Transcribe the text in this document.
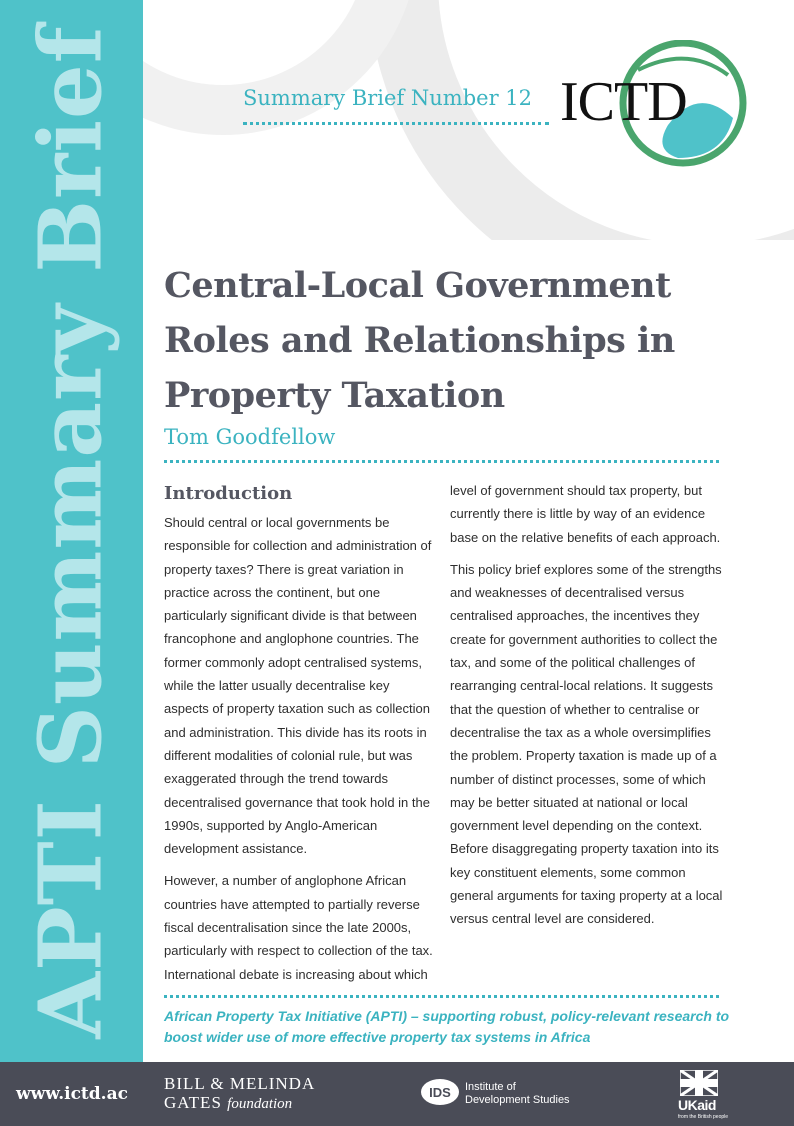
APTI Summary Brief	Summary Brief Number 12 ICTD
Central-Local Government
Roles and Relationships in
Property Taxation
Tom Goodfellow
Introduction

Should central or local governments be responsible for collection and administration of property taxes? There is great variation in practice across the continent, but one particularly significant divide is that between francophone and anglophone countries. The former commonly adopt centralised systems, while the latter usually decentralise key aspects of property taxation such as collection and administration. This divide has its roots in different modalities of colonial rule, but was exaggerated through the trend towards decentralised governance that took hold in the 1990s, supported by Anglo-American development assistance.

However, a number of anglophone African countries have attempted to partially reverse fiscal decentralisation since the late 2000s, particularly with respect to collection of the tax. International debate is increasing about which

level of government should tax property, but currently there is little by way of an evidence base on the relative benefits of each approach.

This policy brief explores some of the strengths and weaknesses of decentralised versus centralised approaches, the incentives they create for government authorities to collect the tax, and some of the political challenges of rearranging central-local relations. It suggests that the question of whether to centralise or decentralise the tax as a whole oversimplifies the problem. Property taxation is made up of a number of distinct processes, some of which may be better situated at national or local government level depending on the context. Before disaggregating property taxation into its key constituent elements, some common general arguments for taxing property at a local versus central level are considered.

African Property Tax Initiative (APTI) – supporting robust, policy-relevant research to boost wider use of more effective property tax systems in Africa
www.ictd.ac
BILL & MELINDA
GATES foundation
IDS Institute of
Development Studies	UKaid
from the British people
